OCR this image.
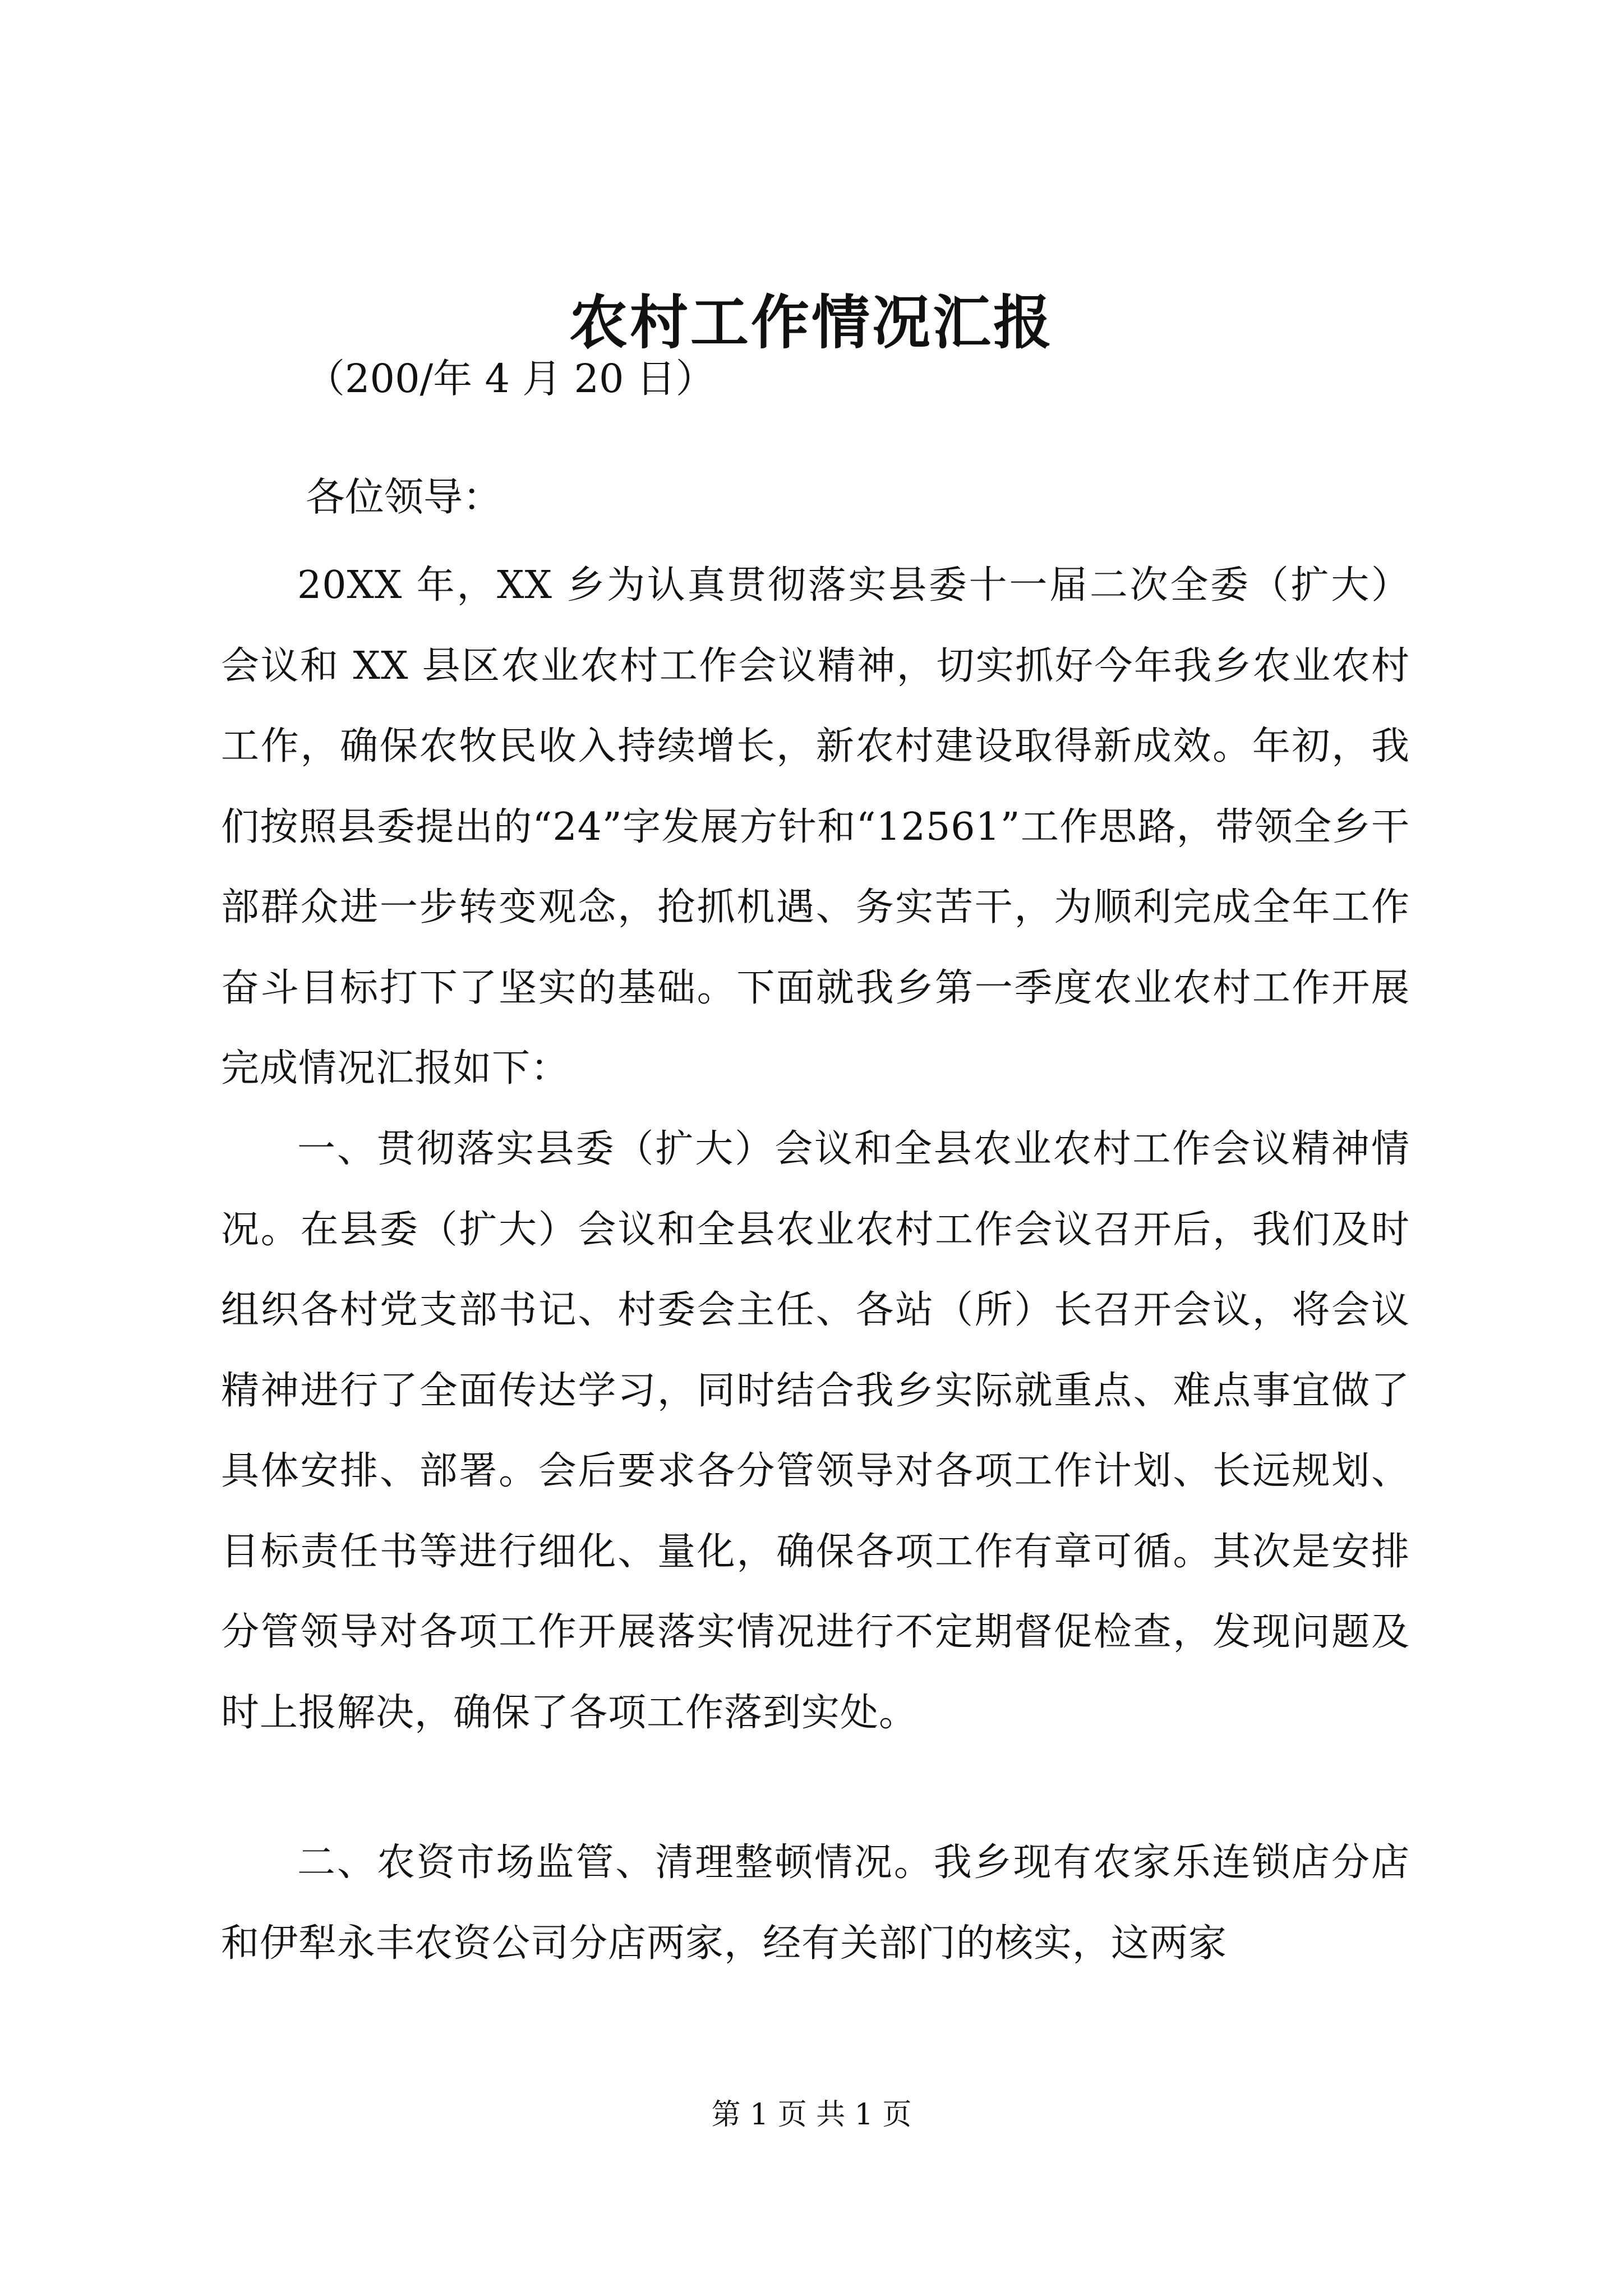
农村工作情况汇报
（200/年 4 月 20 日）
各位领导：

20XX 年，XX 乡为认真贯彻落实县委十一届二次全委（扩大）会议和 XX 县区农业农村工作会议精神，切实抓好今年我乡农业农村工作，确保农牧民收入持续增长，新农村建设取得新成效。年初，我们按照县委提出的“24”字发展方针和“12561”工作思路，带领全乡干部群众进一步转变观念，抢抓机遇、务实苦干，为顺利完成全年工作奋斗目标打下了坚实的基础。下面就我乡第一季度农业农村工作开展完成情况汇报如下：

一、贯彻落实县委（扩大）会议和全县农业农村工作会议精神情况。在县委（扩大）会议和全县农业农村工作会议召开后，我们及时组织各村党支部书记、村委会主任、各站（所）长召开会议，将会议精神进行了全面传达学习，同时结合我乡实际就重点、难点事宜做了具体安排、部署。会后要求各分管领导对各项工作计划、长远规划、目标责任书等进行细化、量化，确保各项工作有章可循。其次是安排分管领导对各项工作开展落实情况进行不定期督促检查，发现问题及时上报解决，确保了各项工作落到实处。

二、农资市场监管、清理整顿情况。我乡现有农家乐连锁店分店和伊犁永丰农资公司分店两家，经有关部门的核实，这两家

第 1 页 共 1 页
